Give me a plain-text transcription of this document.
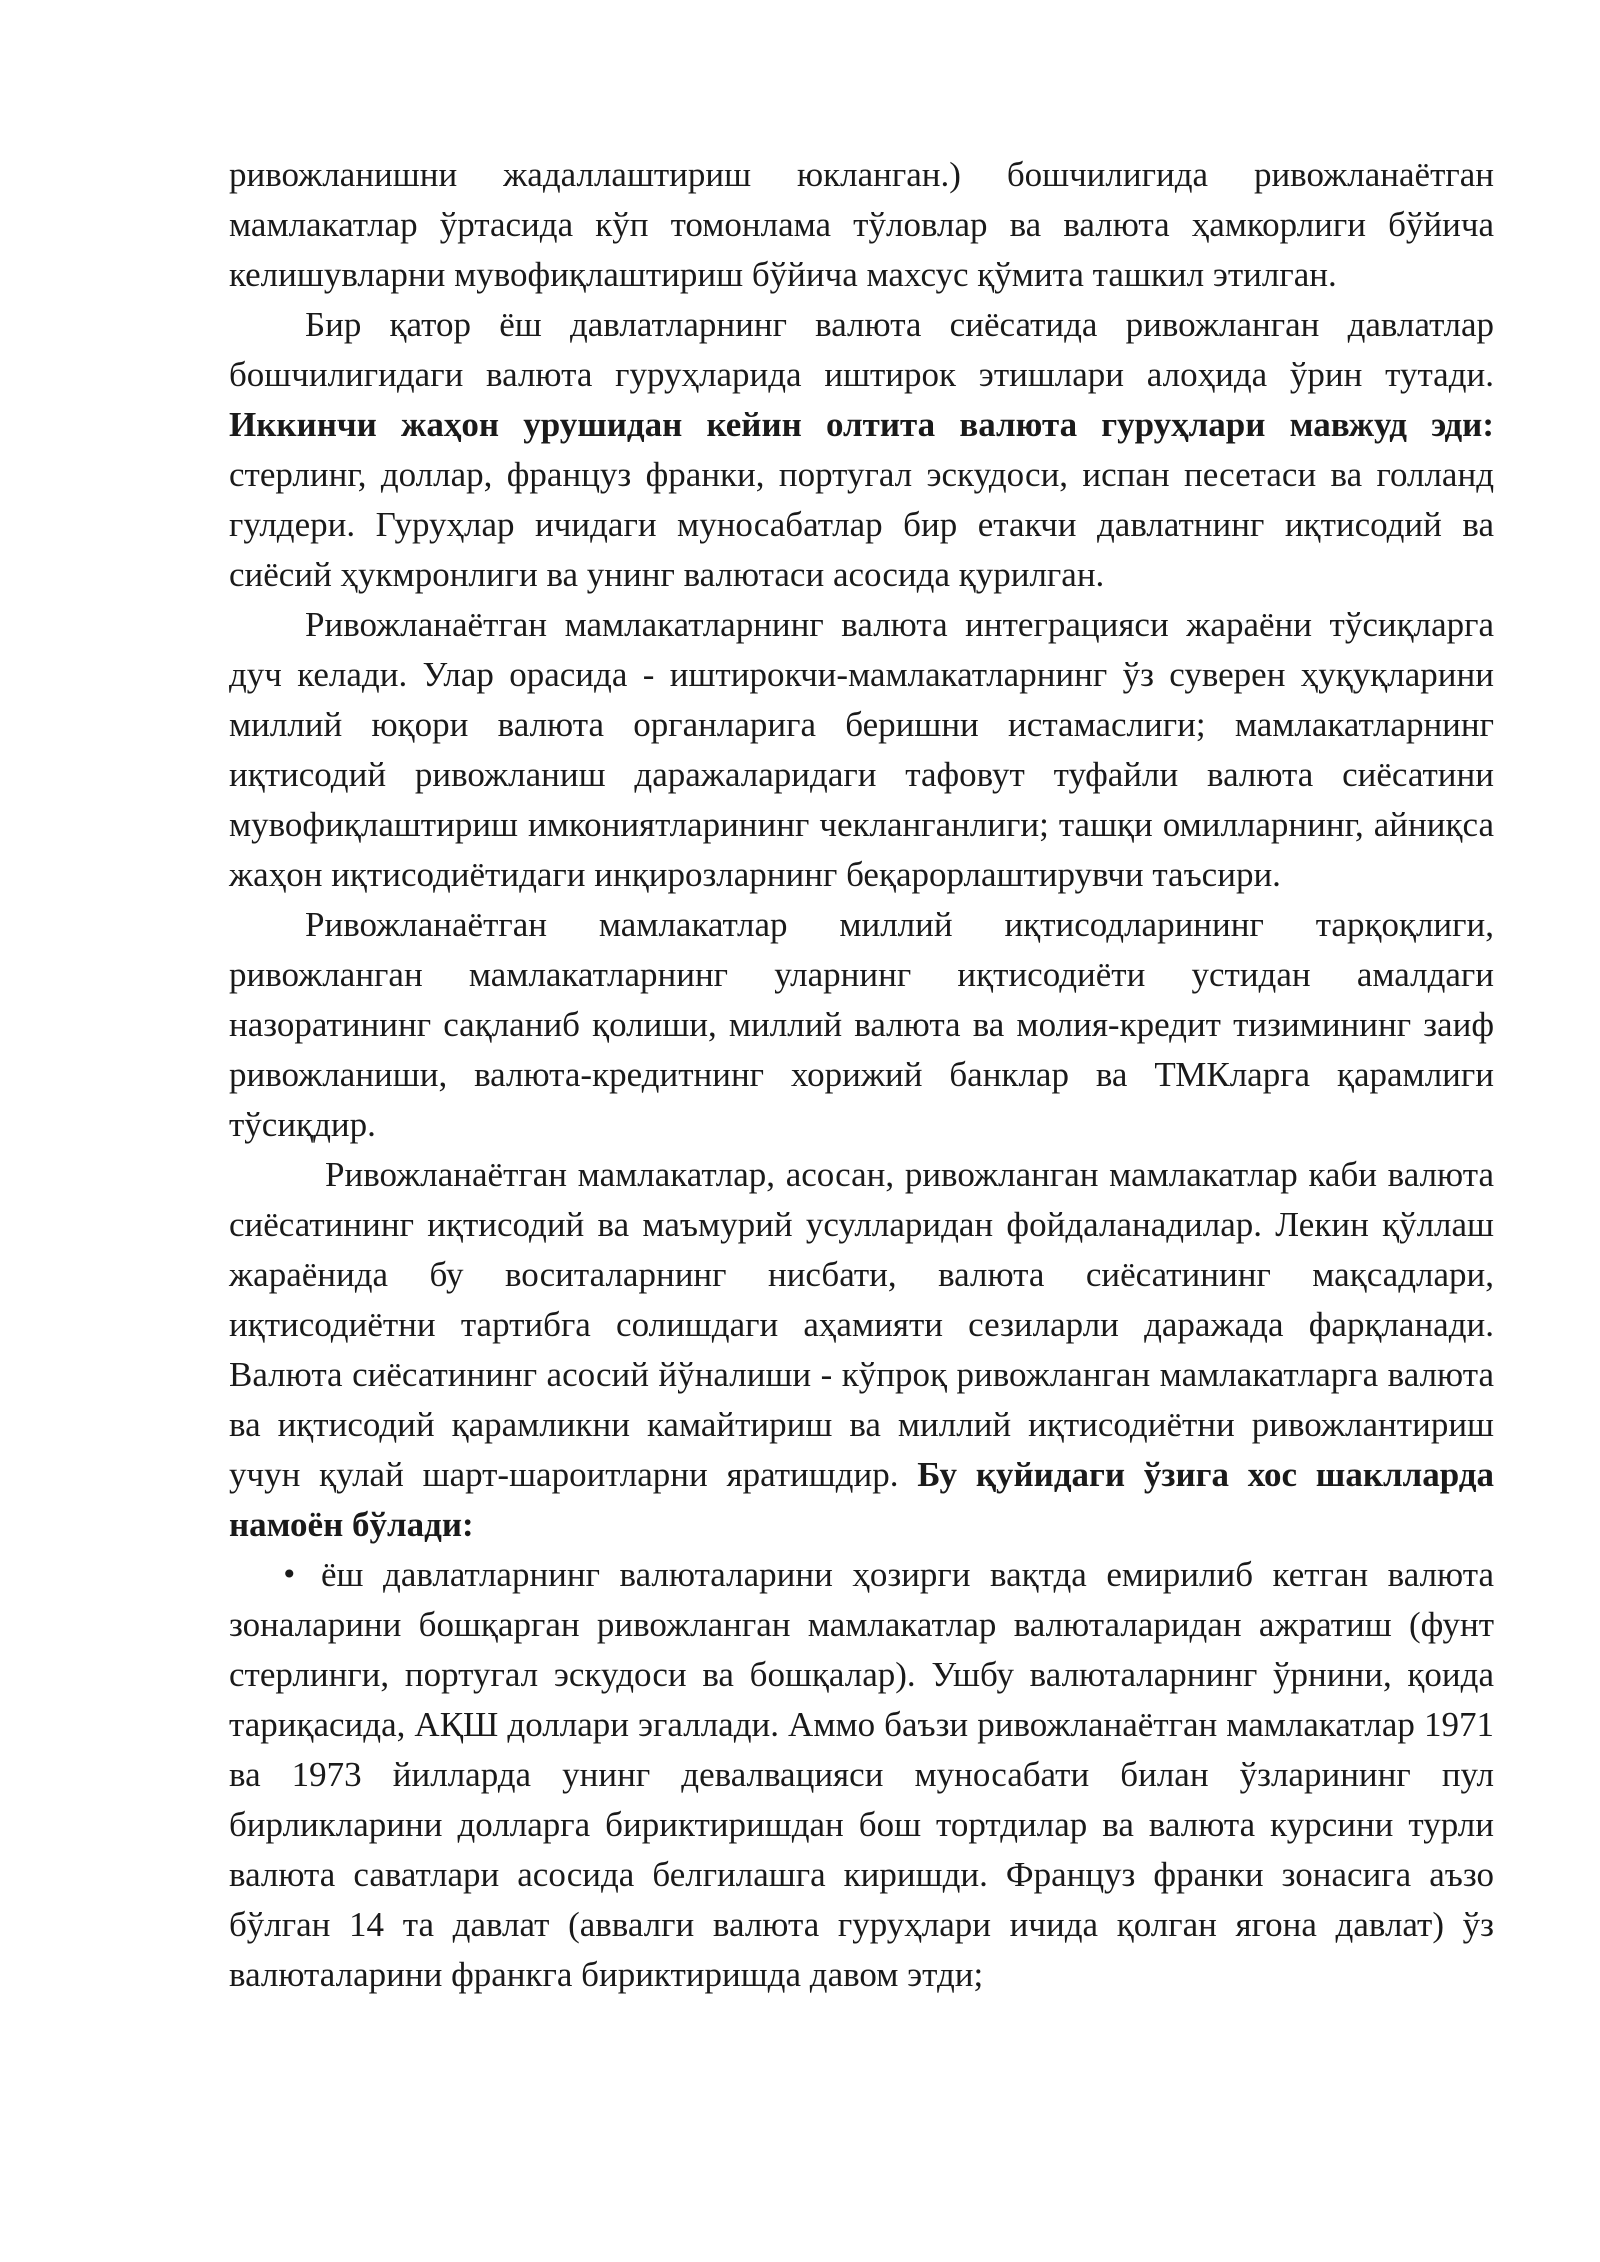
ривожланишни жадаллаштириш юкланган.) бошчилигида ривожланаётган мамлакатлар ўртасида кўп томонлама тўловлар ва валюта ҳамкорлиги бўйича келишувларни мувофиқлаштириш бўйича махсус қўмита ташкил этилган.

Бир қатор ёш давлатларнинг валюта сиёсатида ривожланган давлатлар бошчилигидаги валюта гуруҳларида иштирок этишлари алоҳида ўрин тутади. Иккинчи жаҳон урушидан кейин олтита валюта гуруҳлари мавжуд эди: стерлинг, доллар, француз франки, португал эскудоси, испан песетаси ва голланд гулдери. Гуруҳлар ичидаги муносабатлар бир етакчи давлатнинг иқтисодий ва сиёсий ҳукмронлиги ва унинг валютаси асосида қурилган.

Ривожланаётган мамлакатларнинг валюта интеграцияси жараёни тўсиқларга дуч келади. Улар орасида - иштирокчи-мамлакатларнинг ўз суверен ҳуқуқларини миллий юқори валюта органларига беришни истамаслиги; мамлакатларнинг иқтисодий ривожланиш даражаларидаги тафовут туфайли валюта сиёсатини мувофиқлаштириш имкониятларининг чекланганлиги; ташқи омилларнинг, айниқса жаҳон иқтисодиётидаги инқирозларнинг беқарорлаштирувчи таъсири.

Ривожланаётган мамлакатлар миллий иқтисодларининг тарқоқлиги, ривожланган мамлакатларнинг уларнинг иқтисодиёти устидан амалдаги назоратининг сақланиб қолиши, миллий валюта ва молия-кредит тизимининг заиф ривожланиши, валюта-кредитнинг хорижий банклар ва ТМКларга қарамлиги тўсиқдир.

Ривожланаётган мамлакатлар, асосан, ривожланган мамлакатлар каби валюта сиёсатининг иқтисодий ва маъмурий усулларидан фойдаланадилар. Лекин қўллаш жараёнида бу воситаларнинг нисбати, валюта сиёсатининг мақсадлари, иқтисодиётни тартибга солишдаги аҳамияти сезиларли даражада фарқланади. Валюта сиёсатининг асосий йўналиши - кўпроқ ривожланган мамлакатларга валюта ва иқтисодий қарамликни камайтириш ва миллий иқтисодиётни ривожлантириш учун қулай шарт-шароитларни яратишдир. Бу қуйидаги ўзига хос шаклларда намоён бўлади:

• ёш давлатларнинг валюталарини ҳозирги вақтда емирилиб кетган валюта зоналарини бошқарган ривожланган мамлакатлар валюталаридан ажратиш (фунт стерлинги, португал эскудоси ва бошқалар). Ушбу валюталарнинг ўрнини, қоида тариқасида, АҚШ доллари эгаллади. Аммо баъзи ривожланаётган мамлакатлар 1971 ва 1973 йилларда унинг девалвацияси муносабати билан ўзларининг пул бирликларини долларга бириктиришдан бош тортдилар ва валюта курсини турли валюта саватлари асосида белгилашга киришди. Француз франки зонасига аъзо бўлган 14 та давлат (аввалги валюта гуруҳлари ичида қолган ягона давлат) ўз валюталарини франкга бириктиришда давом этди;
